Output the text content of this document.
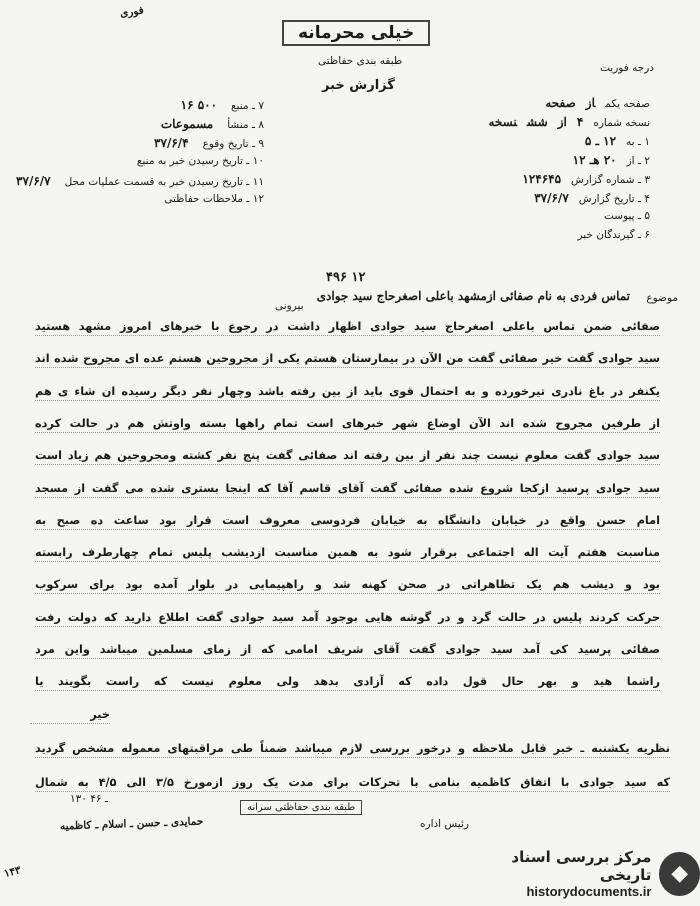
فوری
خیلی محرمانه
طبقه بندی حفاظتی
درجه فوریت
گزارش خبر
صفحه یکمازصفحه
نسخه شماره۴ازششنسخه
۱ ـ به۱۲ ـ ۵
۲ ـ از۲۰ هـ ۱۲
۳ ـ شماره گزارش۱۲۴۶۴۵
۴ ـ تاریخ گزارش۳۷/۶/۷
۵ ـ پیوست
۶ ـ گیرندگان خبر
۷ ـ منبع۵۰۰ ۱۶
۸ ـ منشأمسموعات
۹ ـ تاریخ وقوع۳۷/۶/۴
۱۰ ـ تاریخ رسیدن خبر به منبع
۱۱ ـ تاریخ رسیدن خبر به قسمت عملیات محل۳۷/۶/۷
۱۲ ـ ملاحظات حفاظتی
۴۹۶ ۱۲
موضوع
تماس فردی به نام صفائی ازمشهد باعلی اصغرحاج سید جوادی
بیرونی
صفائی ضمن تماس باعلی اصغرحاج سید جوادی اظهار داشت در رجوع با خبرهای امروز مشهد هستید
سید جوادی گفت خیر صفائی گفت من الآن در بیمارستان هستم یکی از مجروحین هستم عده ای مجروح شده اند
یکنفر در باغ نادری تیرخورده و به احتمال قوی باید از بین رفته باشد وچهار نفر دیگر رسیده ان شاء ی هم
از طرفین مجروح شده اند الآن اوضاع شهر خبرهای است تمام راهها بسته واوتش هم در حالت کرده
سید جوادی گفت معلوم نیست چند نفر از بین رفته اند صفائی گفت پنج نفر کشته ومجروحین هم زیاد است
سید جوادی پرسید ازکجا شروع شده صفائی گفت آقای قاسم آقا که اینجا بستری شده می گفت از مسجد
امام حسن واقع در خیابان دانشگاه به خیابان فردوسی معروف است قرار بود ساعت ده صبح به
مناسبت هفتم آیت اله اجتماعی برقرار شود به همین مناسبت ازدیشب پلیس تمام چهارطرف رابسته
بود و دیشب هم یک تظاهراتی در صحن کهنه شد و راهپیمایی در بلوار آمده بود برای سرکوب
حرکت کردند پلیس در حالت گرد و در گوشه هایی بوجود آمد سید جوادی گفت اطلاع دارید که دولت رفت
صفائی پرسید کی آمد سید جوادی گفت آقای شریف امامی که از زمای مسلمین میباشد واین مرد
راشما هید و بهر حال قول داده که آزادی بدهد ولی معلوم نیست که راست بگویند یا
خیر
نظریه یکشنبه ـ خبر قابل ملاحظه و درخور بررسی لازم میباشد ضمناً طی مراقبتهای معموله مشخص گردید
که سید جوادی با اتفاق کاظمیه بنامی با تحرکات برای مدت یک روز ازمورخ ۳/۵ الی ۴/۵ به شمال
۱۳۰ ـ ۴۶
طبقه بندی حفاظتی سرانه
حمایدی ـ حسن ـ اسلام ـ کاظمیه	رئیس اداره
۱۴۳
مرکز بررسی اسناد تاریخی
historydocuments.ir
◆
